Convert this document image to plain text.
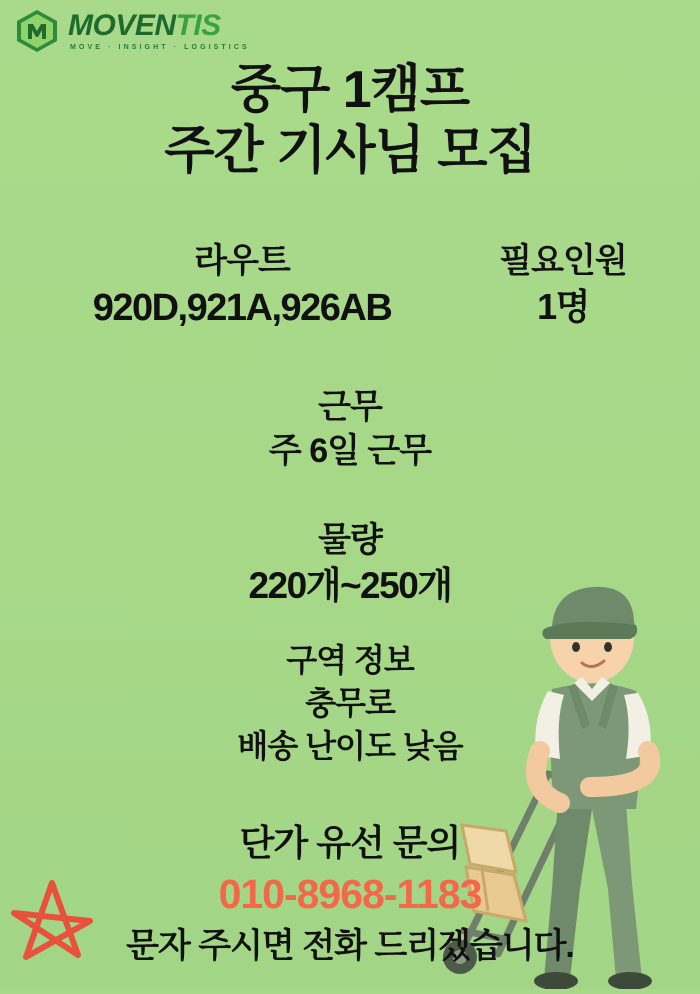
MOVENTIS
MOVE · INSIGHT · LOGISTICS
중구 1캠프
주간 기사님 모집
라우트
920D,921A,926AB
필요인원
1명
근무
주 6일 근무
물량
220개~250개
구역 정보
충무로
배송 난이도 낮음
단가 유선 문의
010-8968-1183
문자 주시면 전화 드리겠습니다.
